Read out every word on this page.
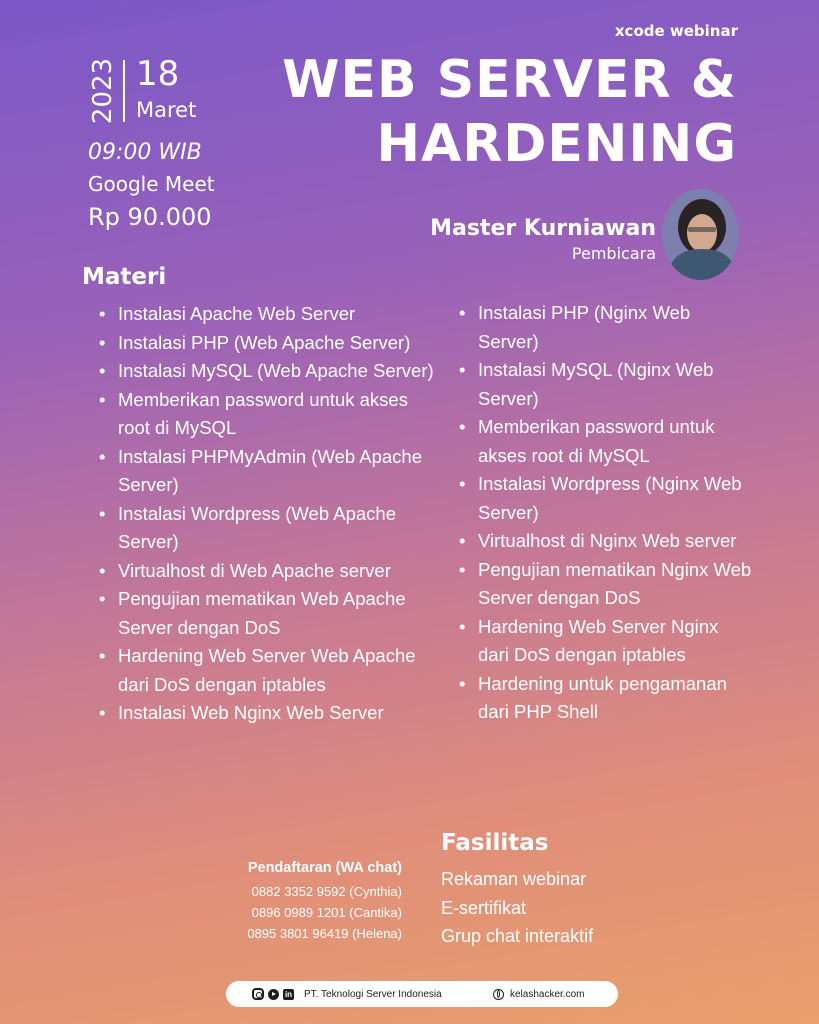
xcode webinar
WEB SERVER &
HARDENING
2023 18
Maret
09:00 WIB
Google Meet
Rp 90.000	Master Kurniawan
Pembicara
Materi
• Instalasi Apache Web Server
• Instalasi PHP (Web Apache Server)
• Instalasi MySQL (Web Apache Server)
• Memberikan password untuk akses root di MySQL
• Instalasi PHPMyAdmin (Web Apache Server)
• Instalasi Wordpress (Web Apache Server)
• Virtualhost di Web Apache server
• Pengujian mematikan Web Apache Server dengan DoS
• Hardening Web Server Web Apache dari DoS dengan iptables
• Instalasi Web Nginx Web Server
• Instalasi PHP (Nginx Web Server)
• Instalasi MySQL (Nginx Web Server)
• Memberikan password untuk akses root di MySQL
• Instalasi Wordpress (Nginx Web Server)
• Virtualhost di Nginx Web server
• Pengujian mematikan Nginx Web Server dengan DoS
• Hardening Web Server Nginx dari DoS dengan iptables
• Hardening untuk pengamanan dari PHP Shell
Pendaftaran (WA chat)
0882 3352 9592 (Cynthia)
0896 0989 1201 (Cantika)
0895 3801 96419 (Helena)
Fasilitas
Rekaman webinar
E-sertifikat
Grup chat interaktif
in PT. Teknologi Server Indonesia	kelashacker.com
